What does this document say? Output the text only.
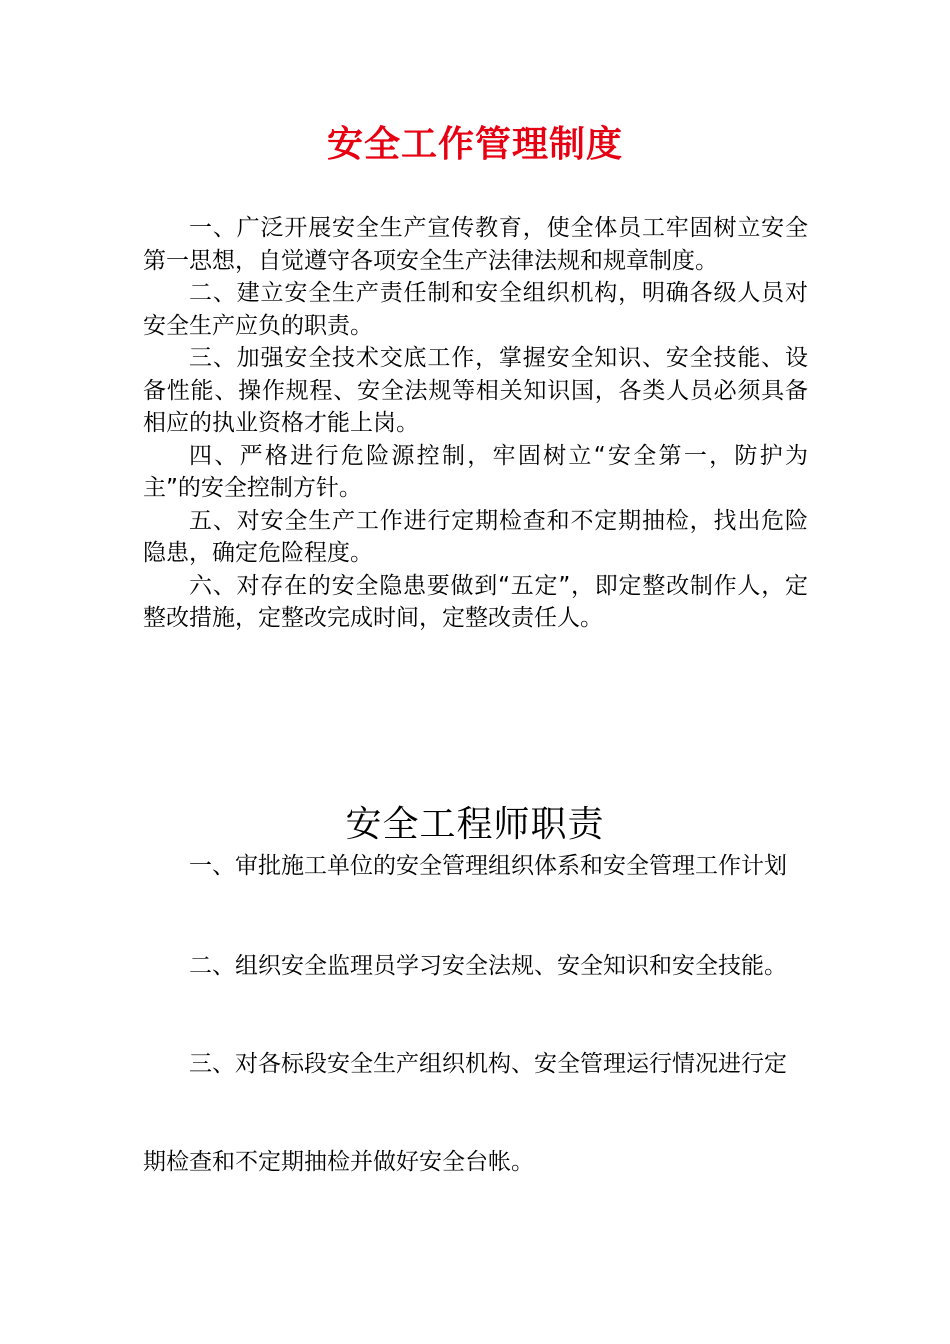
安全工作管理制度

一、广泛开展安全生产宣传教育，使全体员工牢固树立安全第一思想，自觉遵守各项安全生产法律法规和规章制度。

二、建立安全生产责任制和安全组织机构，明确各级人员对安全生产应负的职责。

三、加强安全技术交底工作，掌握安全知识、安全技能、设备性能、操作规程、安全法规等相关知识国，各类人员必须具备相应的执业资格才能上岗。

四、严格进行危险源控制，牢固树立“安全第一，防护为主”的安全控制方针。

五、对安全生产工作进行定期检查和不定期抽检，找出危险隐患，确定危险程度。

六、对存在的安全隐患要做到“五定”，即定整改制作人，定整改措施，定整改完成时间，定整改责任人。

安全工程师职责

一、审批施工单位的安全管理组织体系和安全管理工作计划

二、组织安全监理员学习安全法规、安全知识和安全技能。

三、对各标段安全生产组织机构、安全管理运行情况进行定

期检查和不定期抽检并做好安全台帐。
